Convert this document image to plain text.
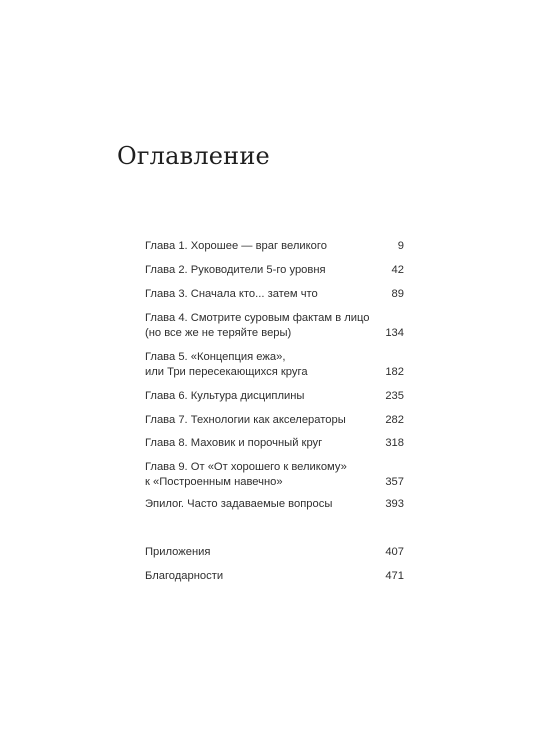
Оглавление
Глава 1. Хорошее — враг великого	9
Глава 2. Руководители 5-го уровня	42
Глава 3. Сначала кто... затем что	89
Глава 4. Смотрите суровым фактам в лицо
(но все же не теряйте веры)	134
Глава 5. «Концепция ежа»,
или Три пересекающихся круга	182
Глава 6. Культура дисциплины	235
Глава 7. Технологии как акселераторы	282
Глава 8. Маховик и порочный круг	318
Глава 9. От «От хорошего к великому»
к «Построенным навечно»	357
Эпилог. Часто задаваемые вопросы	393
Приложения	407
Благодарности	471
